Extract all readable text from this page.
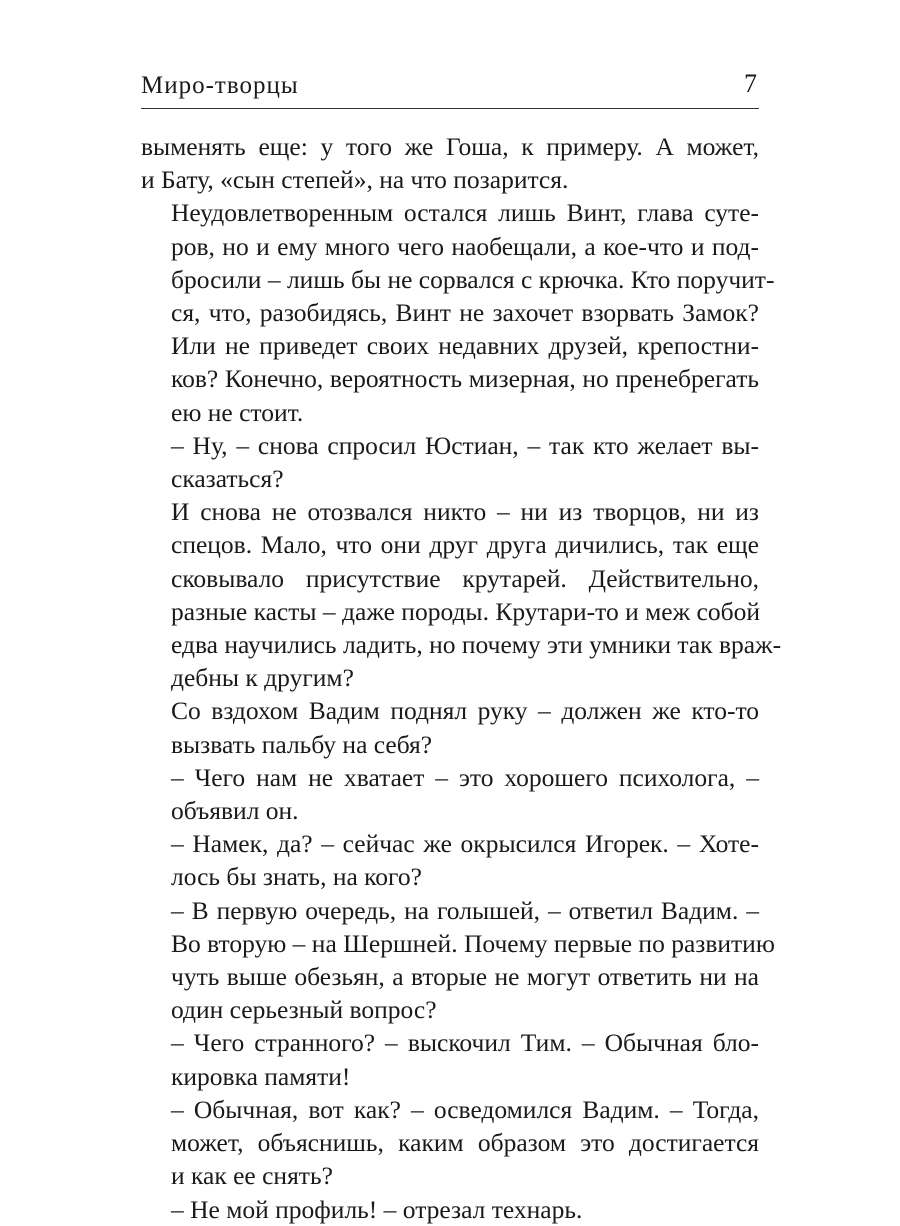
Миро-творцы	7
выменять еще: у того же Гоша, к примеру. А может,
и Бату, «сын степей», на что позарится.
Неудовлетворенным остался лишь Винт, глава суте-
ров, но и ему много чего наобещали, а кое-что и под-
бросили – лишь бы не сорвался с крючка. Кто поручит-
ся, что, разобидясь, Винт не захочет взорвать Замок?
Или не приведет своих недавних друзей, крепостни-
ков? Конечно, вероятность мизерная, но пренебрегать
ею не стоит.
– Ну, – снова спросил Юстиан, – так кто желает вы-
сказаться?
И снова не отозвался никто – ни из творцов, ни из
спецов. Мало, что они друг друга дичились, так еще
сковывало присутствие крутарей. Действительно,
разные касты – даже породы. Крутари-то и меж собой
едва научились ладить, но почему эти умники так враж-
дебны к другим?
Со вздохом Вадим поднял руку – должен же кто-то
вызвать пальбу на себя?
– Чего нам не хватает – это хорошего психолога, –
объявил он.
– Намек, да? – сейчас же окрысился Игорек. – Хоте-
лось бы знать, на кого?
– В первую очередь, на голышей, – ответил Вадим. –
Во вторую – на Шершней. Почему первые по развитию
чуть выше обезьян, а вторые не могут ответить ни на
один серьезный вопрос?
– Чего странного? – выскочил Тим. – Обычная бло-
кировка памяти!
– Обычная, вот как? – осведомился Вадим. – Тогда,
может, объяснишь, каким образом это достигается
и как ее снять?
– Не мой профиль! – отрезал технарь.
